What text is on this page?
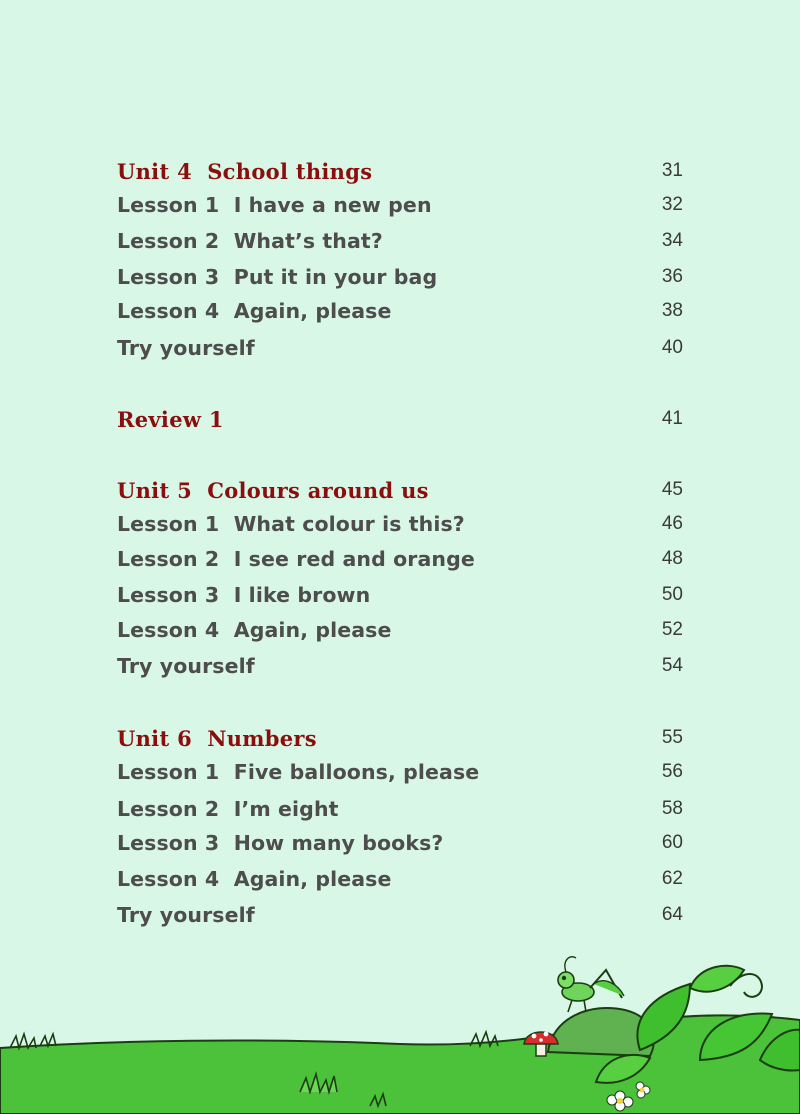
Unit 4  School things	31
Lesson 1  I have a new pen	32
Lesson 2  What’s that?	34
Lesson 3  Put it in your bag	36
Lesson 4  Again, please	38
Try yourself	40
Review 1	41
Unit 5  Colours around us	45
Lesson 1  What colour is this?	46
Lesson 2  I see red and orange	48
Lesson 3  I like brown	50
Lesson 4  Again, please	52
Try yourself	54
Unit 6  Numbers	55
Lesson 1  Five balloons, please	56
Lesson 2  I’m eight	58
Lesson 3  How many books?	60
Lesson 4  Again, please	62
Try yourself	64
